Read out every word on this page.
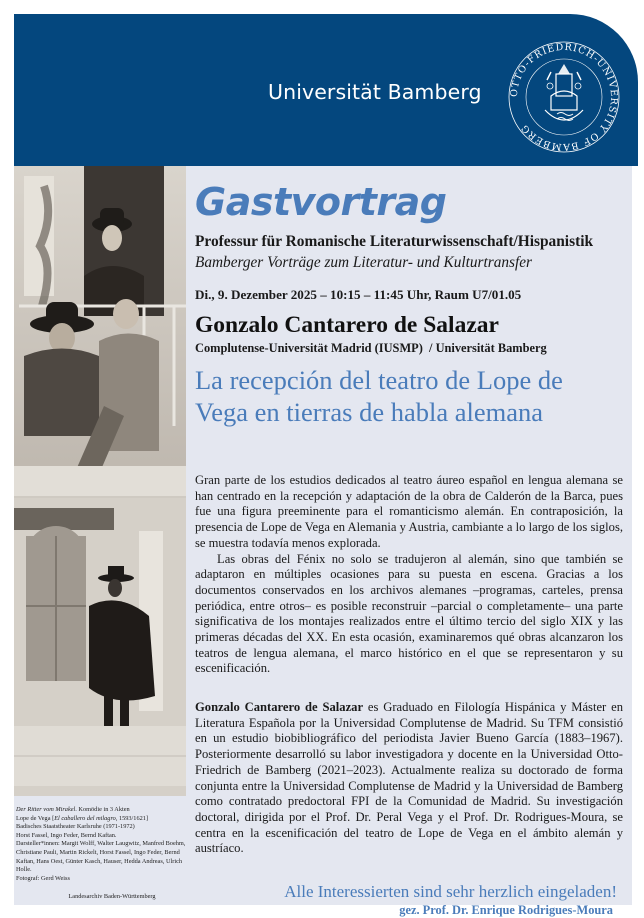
Universität Bamberg	OTTO-FRIEDRICH-UNIVERSITY OF BAMBERG
Der Ritter vom Mirakel. Komödie in 3 Akten
Lope de Vega [El caballero del milagro, 1593/1621]
Badisches Staatstheater Karlsruhe (1971-1972)
Horst Fassel, Ingo Feder, Bernd Kaftan.
Darsteller*innen: Margit Wolff, Walter Laugwitz, Manfred Boehm, Christiane Pauli, Martin Rickelt, Horst Fassel, Ingo Feder, Bernd Kaftan, Hans Oest, Günter Kasch, Hauser, Hedda Andreas, Ulrich Holle.
Fotograf: Gerd Weiss
Landesarchiv Baden-Württemberg
Gastvortrag
Professur für Romanische Literaturwissenschaft/Hispanistik
Bamberger Vorträge zum Literatur- und Kulturtransfer
Di., 9. Dezember 2025 – 10:15 – 11:45 Uhr, Raum U7/01.05
Gonzalo Cantarero de Salazar
Complutense-Universität Madrid (IUSMP)  / Universität Bamberg
La recepción del teatro de Lope de
Vega en tierras de habla alemana

Gran parte de los estudios dedicados al teatro áureo español en lengua alemana se han centrado en la recepción y adaptación de la obra de Calderón de la Barca, pues fue una figura preeminente para el romanticismo alemán. En contraposición, la presencia de Lope de Vega en Alemania y Austria, cambiante a lo largo de los siglos, se muestra todavía menos explorada.

Las obras del Fénix no solo se tradujeron al alemán, sino que también se adaptaron en múltiples ocasiones para su puesta en escena. Gracias a los documentos conservados en los archivos alemanes –programas, carteles, prensa periódica, entre otros– es posible reconstruir –parcial o completamente– una parte significativa de los montajes realizados entre el último tercio del siglo XIX y las primeras décadas del XX. En esta ocasión, examinaremos qué obras alcanzaron los teatros de lengua alemana, el marco histórico en el que se representaron y su escenificación.

Gonzalo Cantarero de Salazar es Graduado en Filología Hispánica y Máster en Literatura Española por la Universidad Complutense de Madrid. Su TFM consistió en un estudio biobibliográfico del periodista Javier Bueno García (1883–1967). Posteriormente desarrolló su labor investigadora y docente en la Universidad Otto-Friedrich de Bamberg (2021–2023). Actualmente realiza su doctorado de forma conjunta entre la Universidad Complutense de Madrid y la Universidad de Bamberg como contratado predoctoral FPI de la Comunidad de Madrid. Su investigación doctoral, dirigida por el Prof. Dr. Peral Vega y el Prof. Dr. Rodrigues-Moura, se centra en la escenificación del teatro de Lope de Vega en el ámbito alemán y austríaco.

Alle Interessierten sind sehr herzlich eingeladen!
gez. Prof. Dr. Enrique Rodrigues-Moura
